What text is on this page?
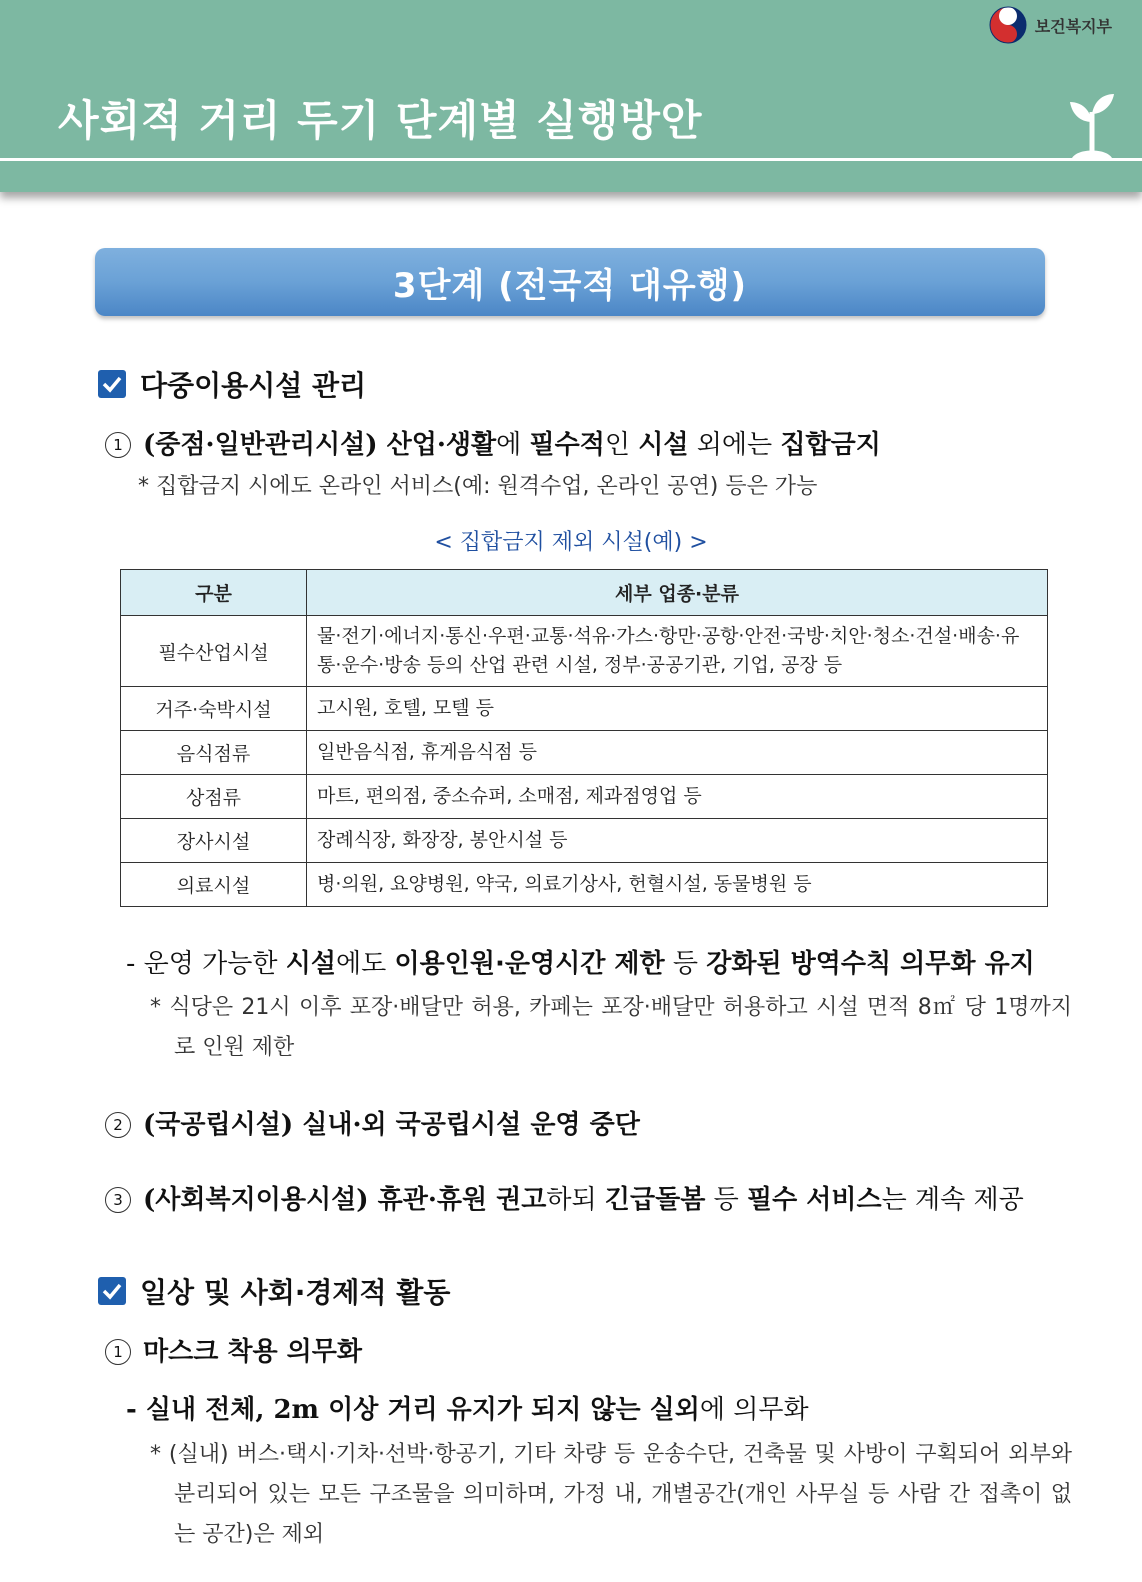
보건복지부
사회적 거리 두기 단계별 실행방안
3단계 (전국적 대유행)
다중이용시설 관리
1 (중점·일반관리시설) 산업·생활에 필수적인 시설 외에는 집합금지
* 집합금지 시에도 온라인 서비스(예: 원격수업, 온라인 공연) 등은 가능
< 집합금지 제외 시설(예) >
구분	세부 업종·분류
필수산업시설	물·전기·에너지·통신·우편·교통·석유·가스·항만·공항·안전·국방·치안·청소·건설·배송·유통·운수·방송 등의 산업 관련 시설, 정부·공공기관, 기업, 공장 등
거주·숙박시설	고시원, 호텔, 모텔 등
음식점류	일반음식점, 휴게음식점 등
상점류	마트, 편의점, 중소슈퍼, 소매점, 제과점영업 등
장사시설	장례식장, 화장장, 봉안시설 등
의료시설	병·의원, 요양병원, 약국, 의료기상사, 헌혈시설, 동물병원 등
- 운영 가능한 시설에도 이용인원·운영시간 제한 등 강화된 방역수칙 의무화 유지
* 식당은 21시 이후 포장·배달만 허용, 카페는 포장·배달만 허용하고 시설 면적 8㎡ 당 1명까지로 인원 제한
2 (국공립시설) 실내·외 국공립시설 운영 중단
3 (사회복지이용시설) 휴관·휴원 권고하되 긴급돌봄 등 필수 서비스는 계속 제공
일상 및 사회·경제적 활동
1 마스크 착용 의무화
- 실내 전체, 2m 이상 거리 유지가 되지 않는 실외에 의무화
* (실내) 버스·택시·기차·선박·항공기, 기타 차량 등 운송수단, 건축물 및 사방이 구획되어 외부와 분리되어 있는 모든 구조물을 의미하며, 가정 내, 개별공간(개인 사무실 등 사람 간 접촉이 없는 공간)은 제외
